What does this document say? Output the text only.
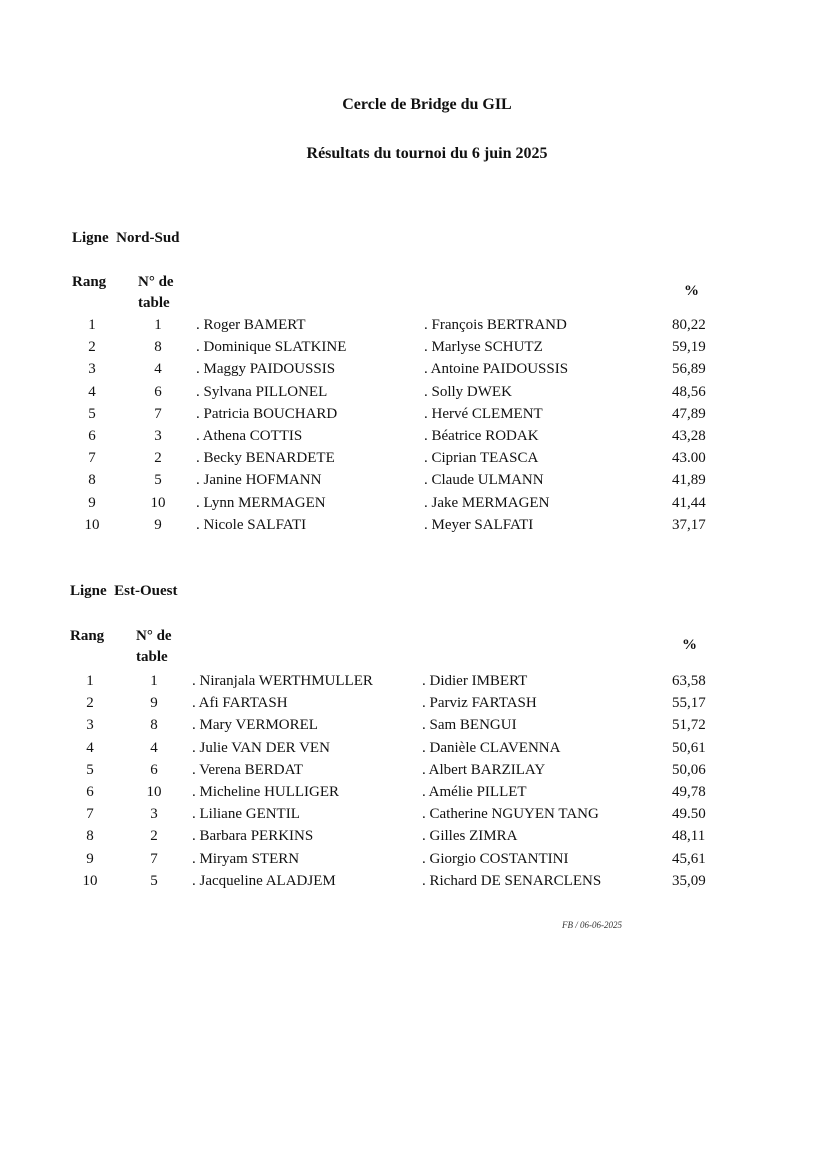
Cercle de Bridge du GIL
Résultats du tournoi du 6 juin 2025
Ligne  Nord-Sud
Rang N° de
table
%
1	1	. Roger BAMERT	. François BERTRAND	80,22
2	8	. Dominique SLATKINE	. Marlyse SCHUTZ	59,19
3	4	. Maggy PAIDOUSSIS	. Antoine PAIDOUSSIS	56,89
4	6	. Sylvana PILLONEL	. Solly DWEK	48,56
5	7	. Patricia BOUCHARD	. Hervé CLEMENT	47,89
6	3	. Athena COTTIS	. Béatrice RODAK	43,28
7	2	. Becky BENARDETE	. Ciprian TEASCA	43.00
8	5	. Janine HOFMANN	. Claude ULMANN	41,89
9	10	. Lynn MERMAGEN	. Jake MERMAGEN	41,44
10	9	. Nicole SALFATI	. Meyer SALFATI	37,17
Ligne  Est-Ouest
Rang N° de
table
%
1	1	. Niranjala WERTHMULLER	. Didier IMBERT	63,58
2	9	. Afi FARTASH	. Parviz FARTASH	55,17
3	8	. Mary VERMOREL	. Sam BENGUI	51,72
4	4	. Julie VAN DER VEN	. Danièle CLAVENNA	50,61
5	6	. Verena BERDAT	. Albert BARZILAY	50,06
6	10	. Micheline HULLIGER	. Amélie PILLET	49,78
7	3	. Liliane GENTIL	. Catherine NGUYEN TANG	49.50
8	2	. Barbara PERKINS	. Gilles ZIMRA	48,11
9	7	. Miryam STERN	. Giorgio COSTANTINI	45,61
10	5	. Jacqueline ALADJEM	. Richard DE SENARCLENS	35,09
FB / 06-06-2025
